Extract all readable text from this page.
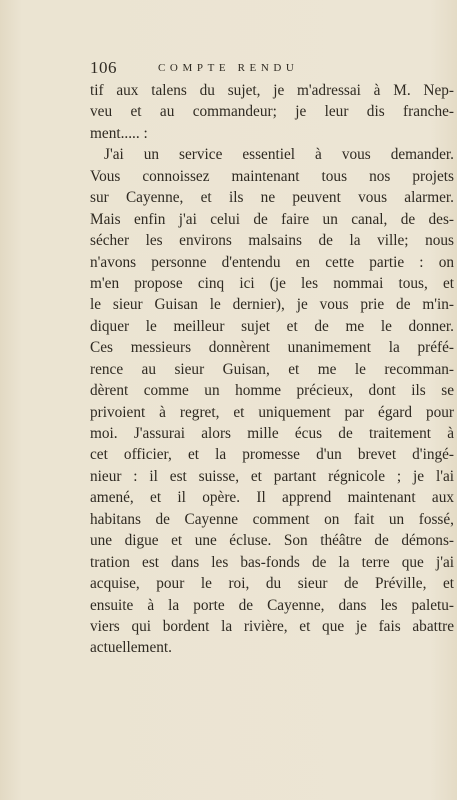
106	COMPTE RENDU
tif aux talens du sujet, je m'adressai à M. Nep-
veu et au commandeur; je leur dis franche-
ment..... :
J'ai un service essentiel à vous demander.
Vous connoissez maintenant tous nos projets
sur Cayenne, et ils ne peuvent vous alarmer.
Mais enfin j'ai celui de faire un canal, de des-
sécher les environs malsains de la ville; nous
n'avons personne d'entendu en cette partie : on
m'en propose cinq ici (je les nommai tous, et
le sieur Guisan le dernier), je vous prie de m'in-
diquer le meilleur sujet et de me le donner.
Ces messieurs donnèrent unanimement la préfé-
rence au sieur Guisan, et me le recomman-
dèrent comme un homme précieux, dont ils se
privoient à regret, et uniquement par égard pour
moi. J'assurai alors mille écus de traitement à
cet officier, et la promesse d'un brevet d'ingé-
nieur : il est suisse, et partant régnicole ; je l'ai
amené, et il opère. Il apprend maintenant aux
habitans de Cayenne comment on fait un fossé,
une digue et une écluse. Son théâtre de démons-
tration est dans les bas-fonds de la terre que j'ai
acquise, pour le roi, du sieur de Préville, et
ensuite à la porte de Cayenne, dans les paletu-
viers qui bordent la rivière, et que je fais abattre
actuellement.
